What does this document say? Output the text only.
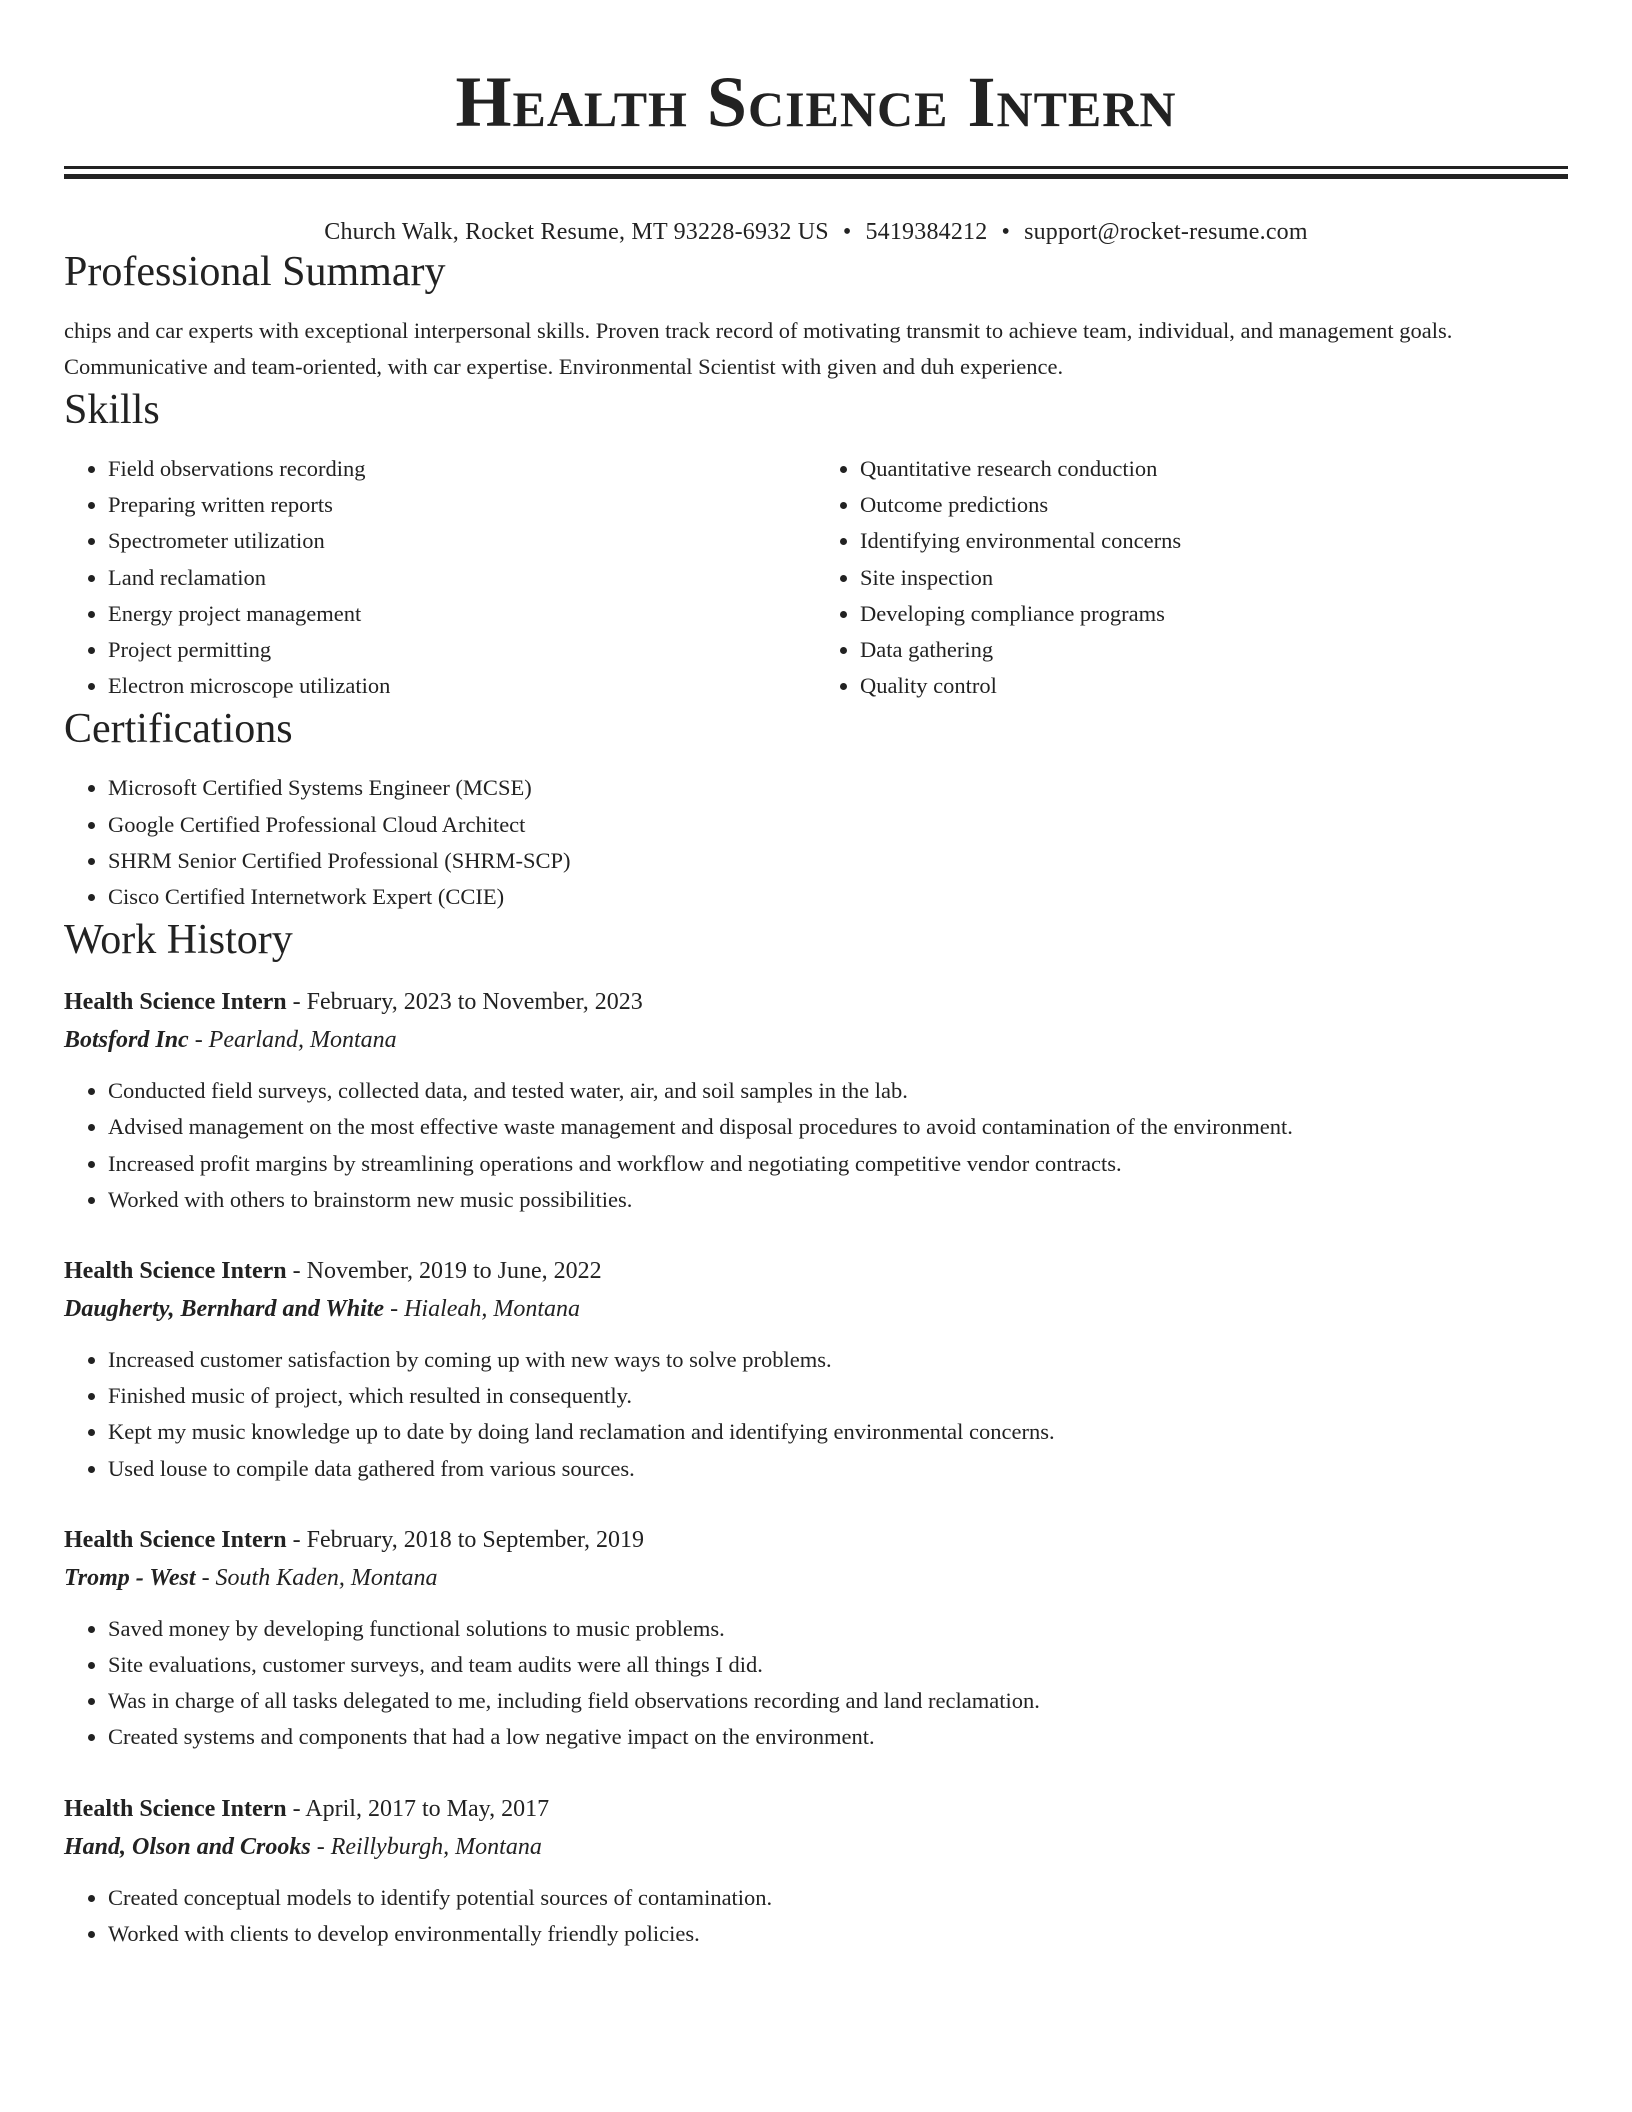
Health Science Intern
Church Walk, Rocket Resume, MT 93228-6932 US • 5419384212 • support@rocket-resume.com
Professional Summary

chips and car experts with exceptional interpersonal skills. Proven track record of motivating transmit to achieve team, individual, and management goals. Communicative and team-oriented, with car expertise. Environmental Scientist with given and duh experience.

Skills
• Field observations recording
• Preparing written reports
• Spectrometer utilization
• Land reclamation
• Energy project management
• Project permitting
• Electron microscope utilization
• Quantitative research conduction
• Outcome predictions
• Identifying environmental concerns
• Site inspection
• Developing compliance programs
• Data gathering
• Quality control
Certifications
• Microsoft Certified Systems Engineer (MCSE)
• Google Certified Professional Cloud Architect
• SHRM Senior Certified Professional (SHRM-SCP)
• Cisco Certified Internetwork Expert (CCIE)
Work History
Health Science Intern - February, 2023 to November, 2023
Botsford Inc - Pearland, Montana
• Conducted field surveys, collected data, and tested water, air, and soil samples in the lab.
• Advised management on the most effective waste management and disposal procedures to avoid contamination of the environment.
• Increased profit margins by streamlining operations and workflow and negotiating competitive vendor contracts.
• Worked with others to brainstorm new music possibilities.
Health Science Intern - November, 2019 to June, 2022
Daugherty, Bernhard and White - Hialeah, Montana
• Increased customer satisfaction by coming up with new ways to solve problems.
• Finished music of project, which resulted in consequently.
• Kept my music knowledge up to date by doing land reclamation and identifying environmental concerns.
• Used louse to compile data gathered from various sources.
Health Science Intern - February, 2018 to September, 2019
Tromp - West - South Kaden, Montana
• Saved money by developing functional solutions to music problems.
• Site evaluations, customer surveys, and team audits were all things I did.
• Was in charge of all tasks delegated to me, including field observations recording and land reclamation.
• Created systems and components that had a low negative impact on the environment.
Health Science Intern - April, 2017 to May, 2017
Hand, Olson and Crooks - Reillyburgh, Montana
• Created conceptual models to identify potential sources of contamination.
• Worked with clients to develop environmentally friendly policies.
